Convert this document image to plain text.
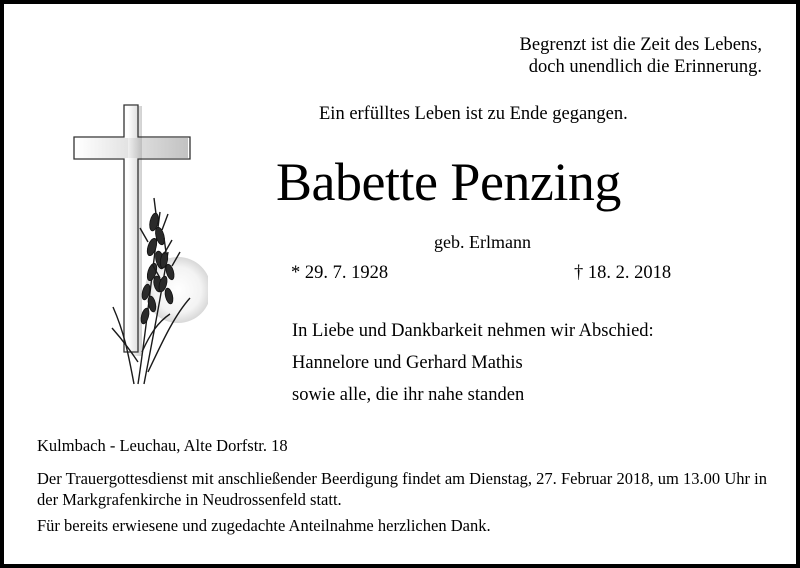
Begrenzt ist die Zeit des Lebens,
doch unendlich die Erinnerung.
Ein erfülltes Leben ist zu Ende gegangen.
Babette Penzing
geb. Erlmann
* 29. 7. 1928	† 18. 2. 2018
In Liebe und Dankbarkeit nehmen wir Abschied:
Hannelore und Gerhard Mathis
sowie alle, die ihr nahe standen
Kulmbach - Leuchau, Alte Dorfstr. 18
Der Trauergottesdienst mit anschließender Beerdigung findet am Dienstag, 27. Februar 2018, um 13.00 Uhr in der Markgrafenkirche in Neudrossenfeld statt.
Für bereits erwiesene und zugedachte Anteilnahme herzlichen Dank.
